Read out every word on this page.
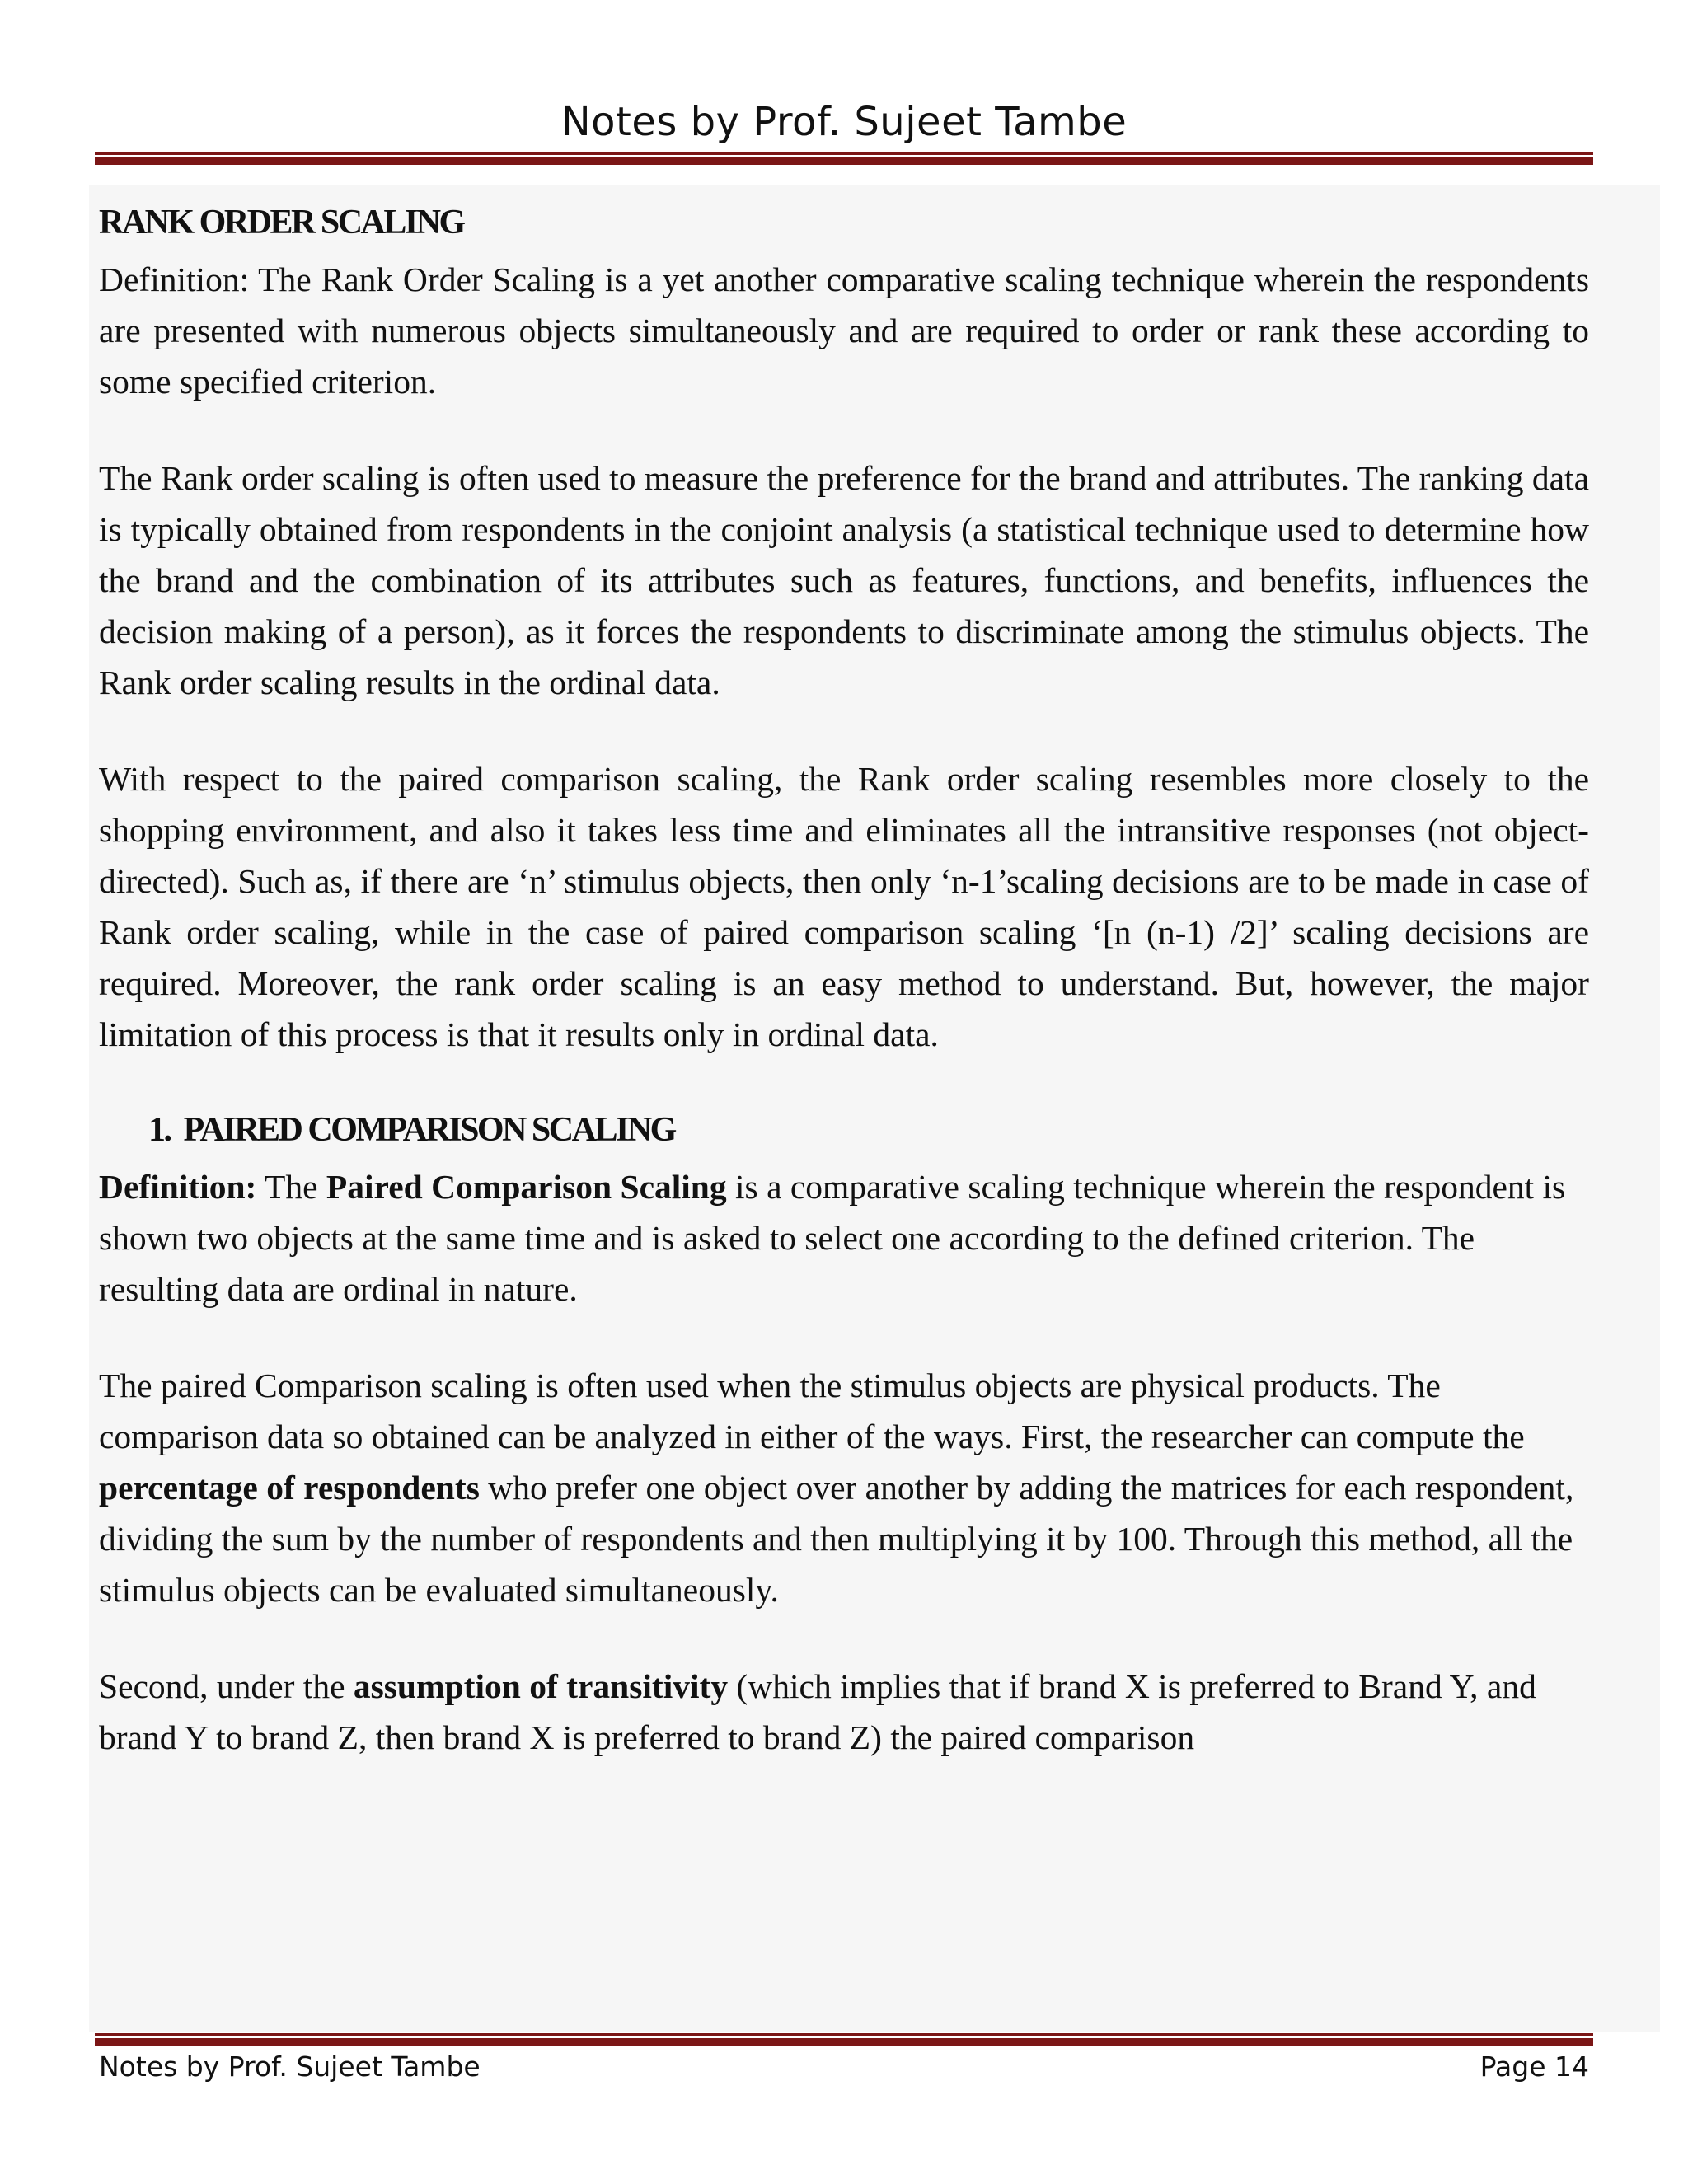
Notes by Prof. Sujeet Tambe
RANK ORDER SCALING

Definition: The Rank Order Scaling is a yet another comparative scaling technique wherein the respondents are presented with numerous objects simultaneously and are required to order or rank these according to some specified criterion.

The Rank order scaling is often used to measure the preference for the brand and attributes. The ranking data is typically obtained from respondents in the conjoint analysis (a statistical technique used to determine how the brand and the combination of its attributes such as features, functions, and benefits, influences the decision making of a person), as it forces the respondents to discriminate among the stimulus objects. The Rank order scaling results in the ordinal data.

With respect to the paired comparison scaling, the Rank order scaling resembles more closely to the shopping environment, and also it takes less time and eliminates all the intransitive responses (not object-directed). Such as, if there are ‘n’ stimulus objects, then only ‘n-1’scaling decisions are to be made in case of Rank order scaling, while in the case of paired comparison scaling ‘[n (n-1) /2]’ scaling decisions are required. Moreover, the rank order scaling is an easy method to understand. But, however, the major limitation of this process is that it results only in ordinal data.

1. PAIRED COMPARISON SCALING

Definition: The Paired Comparison Scaling is a comparative scaling technique wherein the respondent is shown two objects at the same time and is asked to select one according to the defined criterion. The resulting data are ordinal in nature.

The paired Comparison scaling is often used when the stimulus objects are physical products. The comparison data so obtained can be analyzed in either of the ways. First, the researcher can compute the percentage of respondents who prefer one object over another by adding the matrices for each respondent, dividing the sum by the number of respondents and then multiplying it by 100. Through this method, all the stimulus objects can be evaluated simultaneously.

Second, under the assumption of transitivity (which implies that if brand X is preferred to Brand Y, and brand Y to brand Z, then brand X is preferred to brand Z) the paired comparison

Notes by Prof. Sujeet Tambe	Page 14
